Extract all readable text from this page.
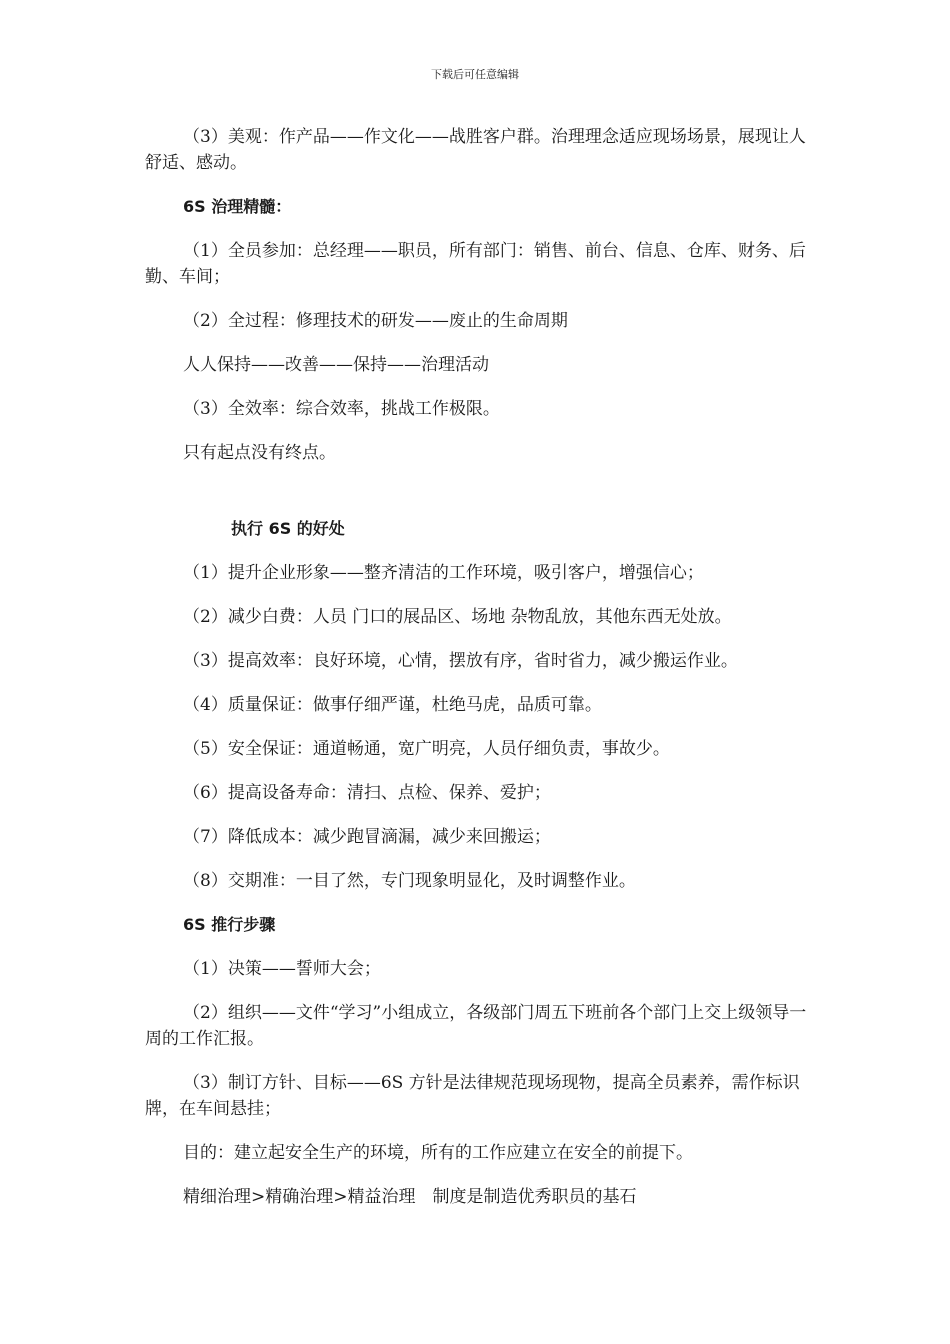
下载后可任意编辑

（3）美观：作产品——作文化——战胜客户群。治理理念适应现场场景，展现让人舒适、感动。

6S 治理精髓：

（1）全员参加：总经理——职员，所有部门：销售、前台、信息、仓库、财务、后勤、车间；

（2）全过程：修理技术的研发——废止的生命周期

人人保持——改善——保持——治理活动

（3）全效率：综合效率，挑战工作极限。

只有起点没有终点。

执行 6S 的好处

（1）提升企业形象——整齐清洁的工作环境，吸引客户，增强信心；

（2）减少白费：人员 门口的展品区、场地 杂物乱放，其他东西无处放。

（3）提高效率：良好环境，心情，摆放有序，省时省力，减少搬运作业。

（4）质量保证：做事仔细严谨，杜绝马虎，品质可靠。

（5）安全保证：通道畅通，宽广明亮，人员仔细负责，事故少。

（6）提高设备寿命：清扫、点检、保养、爱护；

（7）降低成本：减少跑冒滴漏，减少来回搬运；

（8）交期准：一目了然，专门现象明显化，及时调整作业。

6S 推行步骤

（1）决策——誓师大会；

（2）组织——文件“学习”小组成立，各级部门周五下班前各个部门上交上级领导一周的工作汇报。

（3）制订方针、目标——6S 方针是法律规范现场现物，提高全员素养，需作标识牌，在车间悬挂；

目的：建立起安全生产的环境，所有的工作应建立在安全的前提下。

精细治理>精确治理>精益治理　制度是制造优秀职员的基石
